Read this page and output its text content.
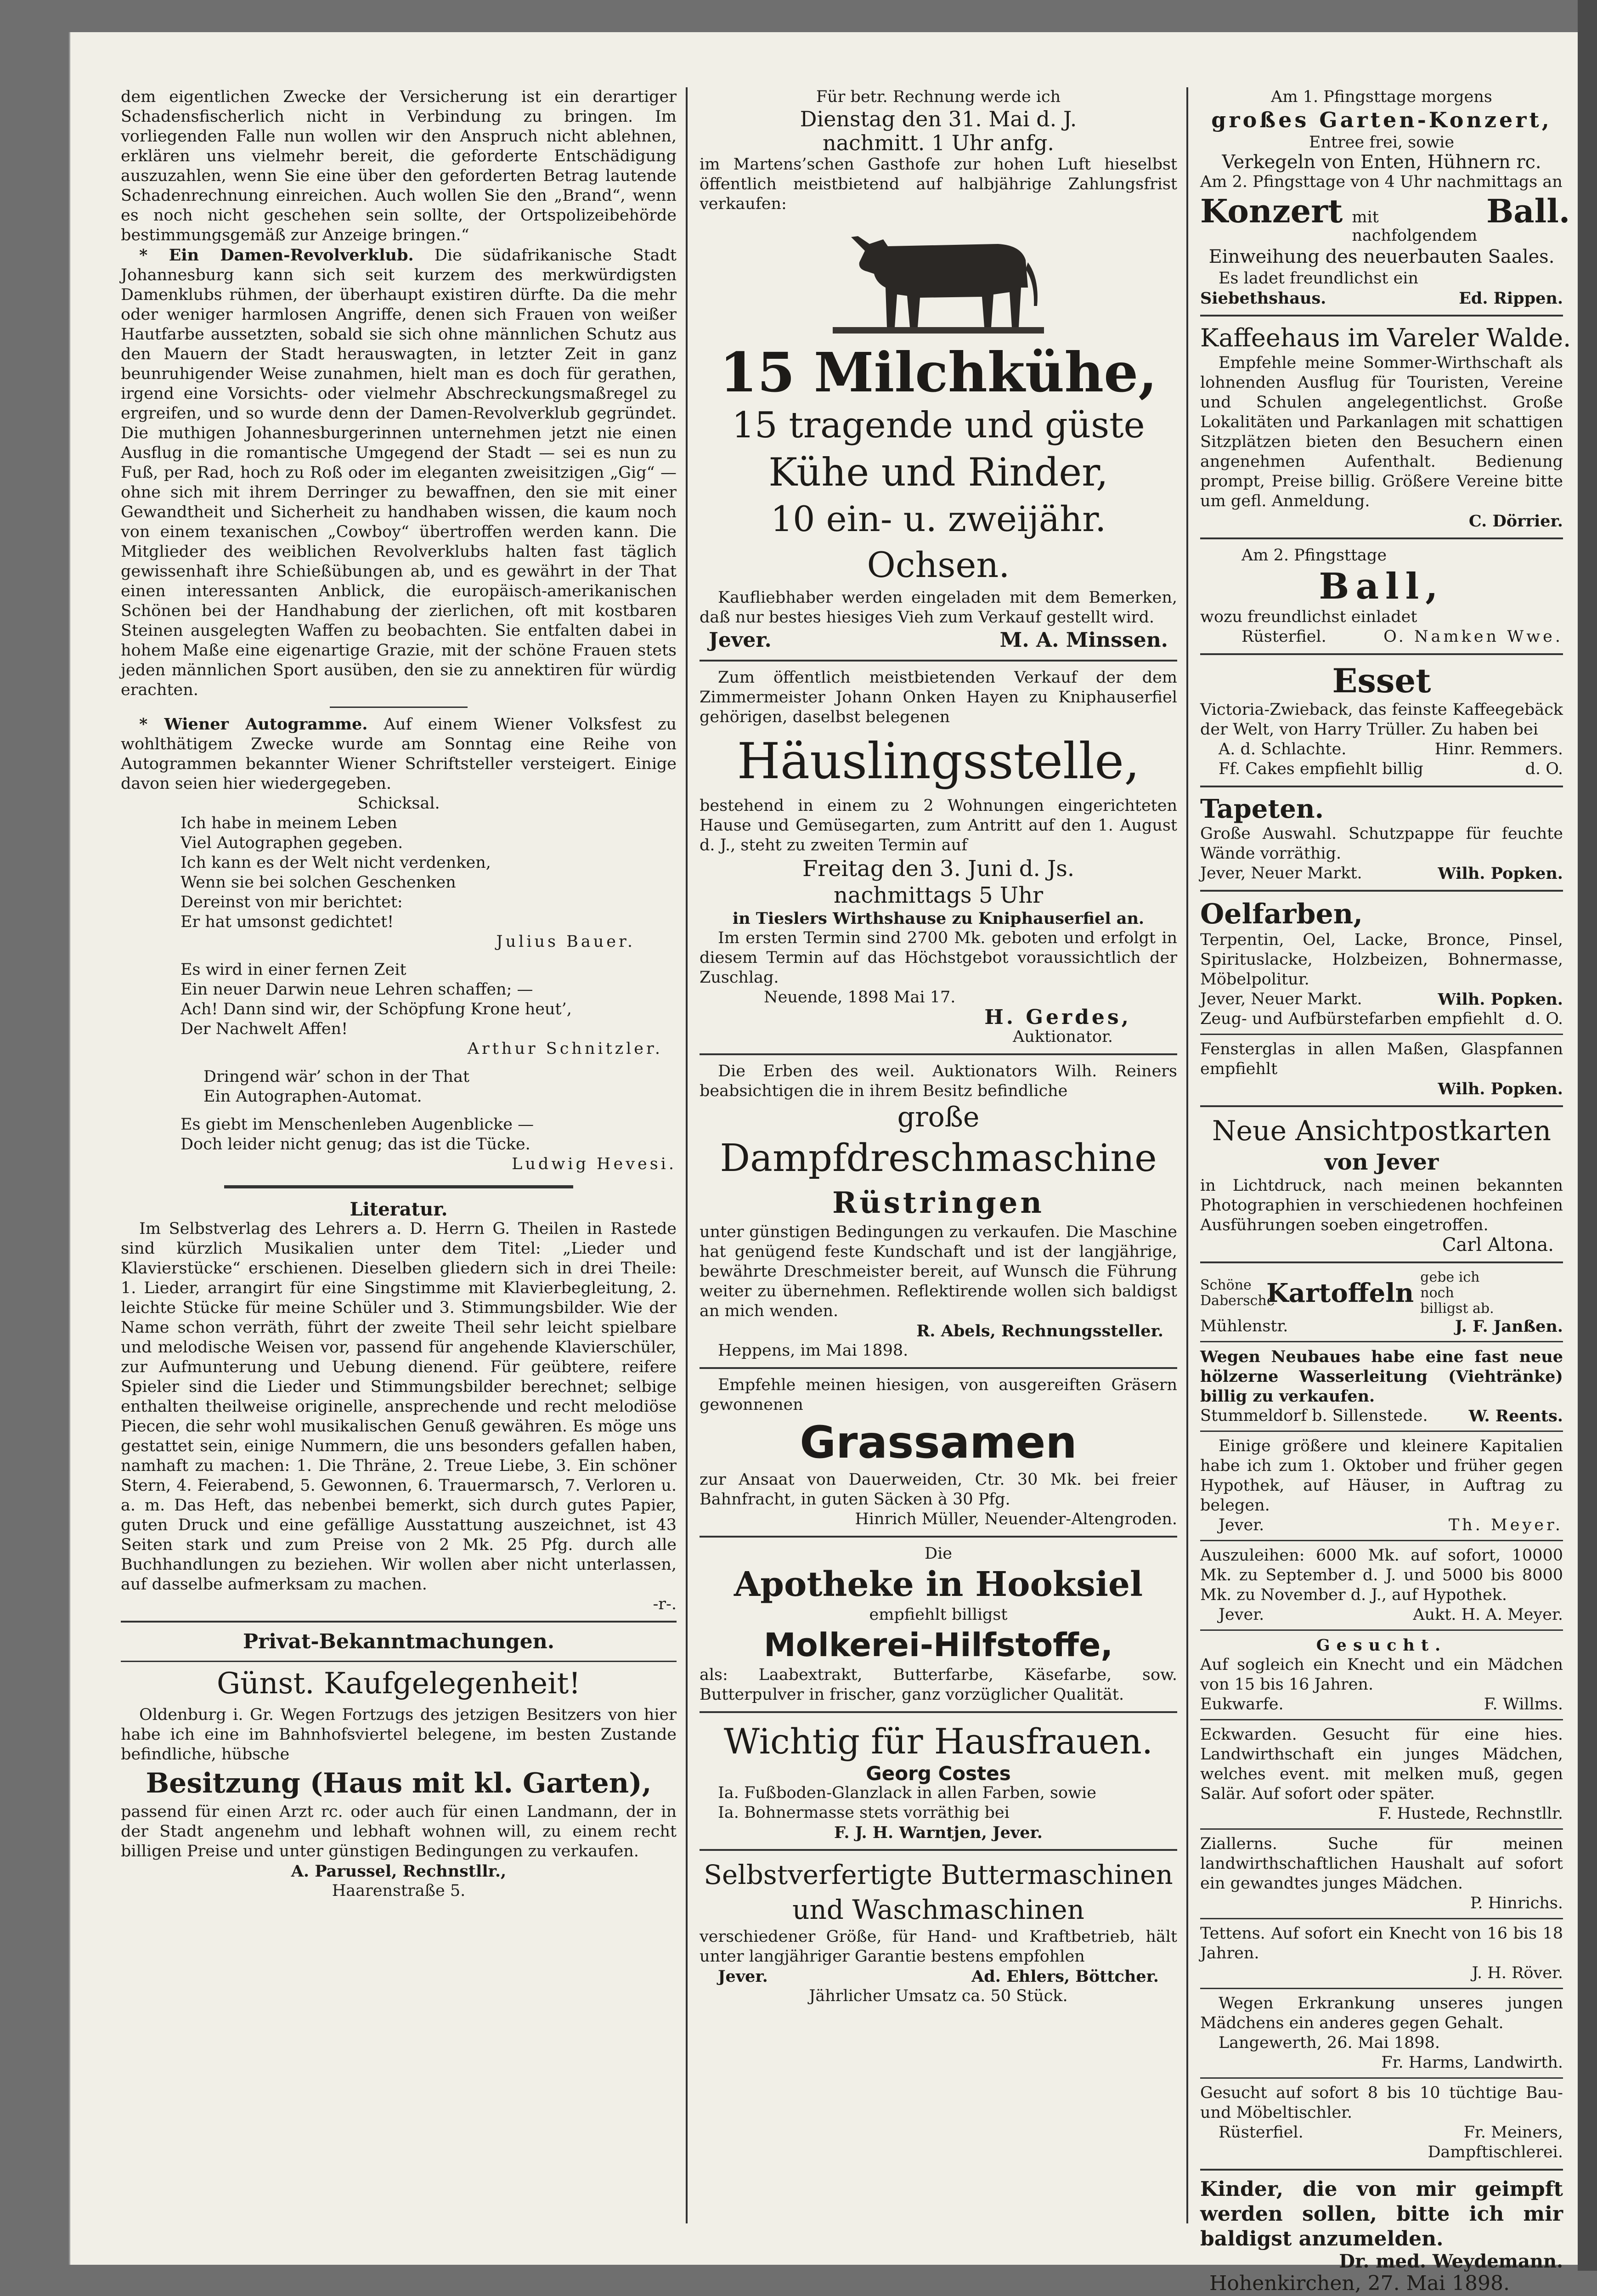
dem eigentlichen Zwecke der Versicherung ist ein derartiger Schadensfischerlich nicht in Verbindung zu bringen. Im vorliegenden Falle nun wollen wir den Anspruch nicht ablehnen, erklären uns vielmehr bereit, die geforderte Entschädigung auszuzahlen, wenn Sie eine über den geforderten Betrag lautende Schadenrechnung einreichen. Auch wollen Sie den „Brand“, wenn es noch nicht geschehen sein sollte, der Ortspolizeibehörde bestimmungsgemäß zur Anzeige bringen.“

* Ein Damen-Revolverklub. Die südafrikanische Stadt Johannesburg kann sich seit kurzem des merkwürdigsten Damenklubs rühmen, der überhaupt existiren dürfte. Da die mehr oder weniger harmlosen Angriffe, denen sich Frauen von weißer Hautfarbe aussetzten, sobald sie sich ohne männlichen Schutz aus den Mauern der Stadt herauswagten, in letzter Zeit in ganz beunruhigender Weise zunahmen, hielt man es doch für gerathen, irgend eine Vorsichts- oder vielmehr Abschreckungsmaßregel zu ergreifen, und so wurde denn der Damen-Revolverklub gegründet. Die muthigen Johannesburgerinnen unternehmen jetzt nie einen Ausflug in die romantische Umgegend der Stadt — sei es nun zu Fuß, per Rad, hoch zu Roß oder im eleganten zweisitzigen „Gig“ — ohne sich mit ihrem Derringer zu bewaffnen, den sie mit einer Gewandtheit und Sicherheit zu handhaben wissen, die kaum noch von einem texanischen „Cowboy“ übertroffen werden kann. Die Mitglieder des weiblichen Revolverklubs halten fast täglich gewissenhaft ihre Schießübungen ab, und es gewährt in der That einen interessanten Anblick, die europäisch-amerikanischen Schönen bei der Handhabung der zierlichen, oft mit kostbaren Steinen ausgelegten Waffen zu beobachten. Sie entfalten dabei in hohem Maße eine eigenartige Grazie, mit der schöne Frauen stets jeden männlichen Sport ausüben, den sie zu annektiren für würdig erachten.

* Wiener Autogramme. Auf einem Wiener Volksfest zu wohlthätigem Zwecke wurde am Sonntag eine Reihe von Autogrammen bekannter Wiener Schriftsteller versteigert. Einige davon seien hier wiedergegeben.

Schicksal.

Ich habe in meinem Leben
Viel Autographen gegeben.
Ich kann es der Welt nicht verdenken,
Wenn sie bei solchen Geschenken
Dereinst von mir berichtet:
Er hat umsonst gedichtet!

Julius Bauer.

Es wird in einer fernen Zeit
Ein neuer Darwin neue Lehren schaffen; —
Ach! Dann sind wir, der Schöpfung Krone heut’,
Der Nachwelt Affen!

Arthur Schnitzler.

Dringend wär’ schon in der That
Ein Autographen-Automat.

Es giebt im Menschenleben Augenblicke —
Doch leider nicht genug; das ist die Tücke.

Ludwig Hevesi.

Literatur.

Im Selbstverlag des Lehrers a. D. Herrn G. Theilen in Rastede sind kürzlich Musikalien unter dem Titel: „Lieder und Klavierstücke“ erschienen. Dieselben gliedern sich in drei Theile: 1. Lieder, arrangirt für eine Singstimme mit Klavierbegleitung, 2. leichte Stücke für meine Schüler und 3. Stimmungsbilder. Wie der Name schon verräth, führt der zweite Theil sehr leicht spielbare und melodische Weisen vor, passend für angehende Klavierschüler, zur Aufmunterung und Uebung dienend. Für geübtere, reifere Spieler sind die Lieder und Stimmungsbilder berechnet; selbige enthalten theilweise originelle, ansprechende und recht melodiöse Piecen, die sehr wohl musikalischen Genuß gewähren. Es möge uns gestattet sein, einige Nummern, die uns besonders gefallen haben, namhaft zu machen: 1. Die Thräne, 2. Treue Liebe, 3. Ein schöner Stern, 4. Feierabend, 5. Gewonnen, 6. Trauermarsch, 7. Verloren u. a. m. Das Heft, das nebenbei bemerkt, sich durch gutes Papier, guten Druck und eine gefällige Ausstattung auszeichnet, ist 43 Seiten stark und zum Preise von 2 Mk. 25 Pfg. durch alle Buchhandlungen zu beziehen. Wir wollen aber nicht unterlassen, auf dasselbe aufmerksam zu machen.

-r-.

Privat-Bekanntmachungen.

Günst. Kaufgelegenheit!

Oldenburg i. Gr. Wegen Fortzugs des jetzigen Besitzers von hier habe ich eine im Bahnhofsviertel belegene, im besten Zustande befindliche, hübsche

Besitzung (Haus mit kl. Garten),

passend für einen Arzt rc. oder auch für einen Landmann, der in der Stadt angenehm und lebhaft wohnen will, zu einem recht billigen Preise und unter günstigen Bedingungen zu verkaufen.

A. Parussel, Rechnstllr.,

Haarenstraße 5.

Für betr. Rechnung werde ich

Dienstag den 31. Mai d. J.

nachmitt. 1 Uhr anfg.

im Martens’schen Gasthofe zur hohen Luft hieselbst öffentlich meistbietend auf halbjährige Zahlungsfrist verkaufen:

15 Milchkühe,

15 tragende und güste

Kühe und Rinder,

10 ein- u. zweijähr. Ochsen.

Kaufliebhaber werden eingeladen mit dem Bemerken, daß nur bestes hiesiges Vieh zum Verkauf gestellt wird.

Jever.	M. A. Minssen.

Zum öffentlich meistbietenden Verkauf der dem Zimmermeister Johann Onken Hayen zu Kniphauserfiel gehörigen, daselbst belegenen

Häuslingsstelle,

bestehend in einem zu 2 Wohnungen eingerichteten Hause und Gemüsegarten, zum Antritt auf den 1. August d. J., steht zu zweiten Termin auf

Freitag den 3. Juni d. Js.

nachmittags 5 Uhr

in Tieslers Wirthshause zu Kniphauserfiel an.

Im ersten Termin sind 2700 Mk. geboten und erfolgt in diesem Termin auf das Höchstgebot voraussichtlich der Zuschlag.

Neuende, 1898 Mai 17.

H. Gerdes,

Auktionator.

Die Erben des weil. Auktionators Wilh. Reiners beabsichtigen die in ihrem Besitz befindliche

große

Dampfdreschmaschine

Rüstringen

unter günstigen Bedingungen zu verkaufen. Die Maschine hat genügend feste Kundschaft und ist der langjährige, bewährte Dreschmeister bereit, auf Wunsch die Führung weiter zu übernehmen. Reflektirende wollen sich baldigst an mich wenden.

R. Abels, Rechnungssteller.

Heppens, im Mai 1898.

Empfehle meinen hiesigen, von ausgereiften Gräsern gewonnenen

Grassamen

zur Ansaat von Dauerweiden, Ctr. 30 Mk. bei freier Bahnfracht, in guten Säcken à 30 Pfg.

Hinrich Müller, Neuender-Altengroden.

Die

Apotheke in Hooksiel

empfiehlt billigst

Molkerei-Hilfstoffe,

als: Laabextrakt, Butterfarbe, Käsefarbe, sow. Butterpulver in frischer, ganz vorzüglicher Qualität.

Wichtig für Hausfrauen.

Georg Costes

Ia. Fußboden-Glanzlack in allen Farben, sowie

Ia. Bohnermasse stets vorräthig bei

F. J. H. Warntjen, Jever.

Selbstverfertigte Buttermaschinen

und Waschmaschinen

verschiedener Größe, für Hand- und Kraftbetrieb, hält unter langjähriger Garantie bestens empfohlen

Jever.	Ad. Ehlers, Böttcher.

Jährlicher Umsatz ca. 50 Stück.

Am 1. Pfingsttage morgens

großes Garten-Konzert,

Entree frei, sowie

Verkegeln von Enten, Hühnern rc.

Am 2. Pfingsttage von 4 Uhr nachmittags an

Konzert mit nachfolgendem
Ball.

Einweihung des neuerbauten Saales.

Es ladet freundlichst ein

Siebethshaus.	Ed. Rippen.

Kaffeehaus im Vareler Walde.

Empfehle meine Sommer-Wirthschaft als lohnenden Ausflug für Touristen, Vereine und Schulen angelegentlichst. Große Lokalitäten und Parkanlagen mit schattigen Sitzplätzen bieten den Besuchern einen angenehmen Aufenthalt. Bedienung prompt, Preise billig. Größere Vereine bitte um gefl. Anmeldung.

C. Dörrier.

Am 2. Pfingsttage

Ball,

wozu freundlichst einladet

Rüsterfiel.	O. Namken Wwe.

Esset

Victoria-Zwieback, das feinste Kaffeegebäck der Welt, von Harry Trüller. Zu haben bei

A. d. Schlachte.	Hinr. Remmers.
Ff. Cakes empfiehlt billig	d. O.
Tapeten.

Große Auswahl. Schutzpappe für feuchte Wände vorräthig.

Jever, Neuer Markt.	Wilh. Popken.

Oelfarben,

Terpentin, Oel, Lacke, Bronce, Pinsel, Spirituslacke, Holzbeizen, Bohnermasse, Möbelpolitur.

Jever, Neuer Markt.	Wilh. Popken.
Zeug- und Aufbürstefarben empfiehlt d. O.

Fensterglas in allen Maßen, Glaspfannen empfiehlt

Wilh. Popken.

Neue Ansichtpostkarten

von Jever

in Lichtdruck, nach meinen bekannten Photographien in verschiedenen hochfeinen Ausführungen soeben eingetroffen.

Carl Altona.

Schöne Dabersche
Kartoffeln
gebe ich noch billigst ab.
Mühlenstr.	J. F. Janßen.

Wegen Neubaues habe eine fast neue hölzerne Wasserleitung (Viehtränke) billig zu verkaufen.

Stummeldorf b. Sillenstede.	W. Reents.

Einige größere und kleinere Kapitalien habe ich zum 1. Oktober und früher gegen Hypothek, auf Häuser, in Auftrag zu belegen.

Jever.	Th. Meyer.

Auszuleihen: 6000 Mk. auf sofort, 10000 Mk. zu September d. J. und 5000 bis 8000 Mk. zu November d. J., auf Hypothek.

Jever.	Aukt. H. A. Meyer.

Gesucht.

Auf sogleich ein Knecht und ein Mädchen von 15 bis 16 Jahren.

Eukwarfe.	F. Willms.

Eckwarden. Gesucht für eine hies. Landwirthschaft ein junges Mädchen, welches event. mit melken muß, gegen Salär. Auf sofort oder später.

F. Hustede, Rechnstllr.

Ziallerns. Suche für meinen landwirthschaftlichen Haushalt auf sofort ein gewandtes junges Mädchen.

P. Hinrichs.

Tettens. Auf sofort ein Knecht von 16 bis 18 Jahren.

J. H. Röver.

Wegen Erkrankung unseres jungen Mädchens ein anderes gegen Gehalt.

Langewerth, 26. Mai 1898.

Fr. Harms, Landwirth.

Gesucht auf sofort 8 bis 10 tüchtige Bau- und Möbeltischler.

Rüsterfiel.	Fr. Meiners,

Dampftischlerei.

Kinder, die von mir geimpft werden sollen, bitte ich mir baldigst anzumelden.

Dr. med. Weydemann.

Hohenkirchen, 27. Mai 1898.
